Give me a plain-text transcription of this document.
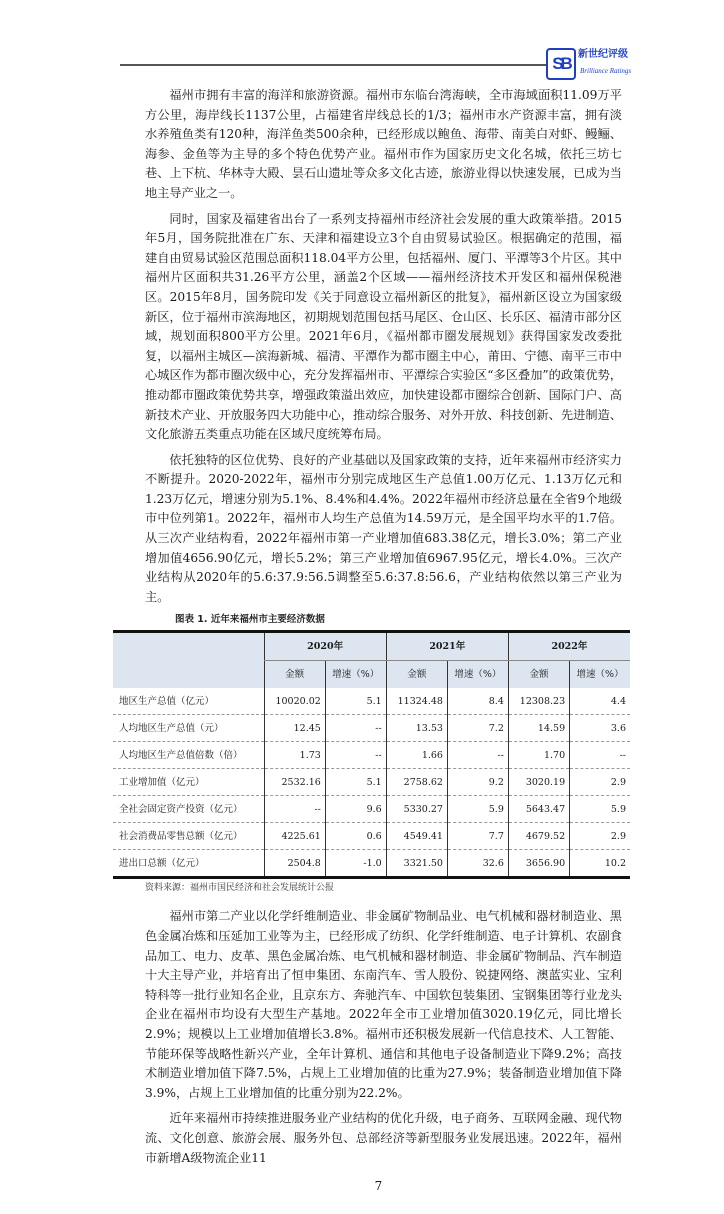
SB 新世纪评级
Brilliance Ratings

福州市拥有丰富的海洋和旅游资源。福州市东临台湾海峡，全市海域面积11.09万平方公里，海岸线长1137公里，占福建省岸线总长的1/3；福州市水产资源丰富，拥有淡水养殖鱼类有120种，海洋鱼类500余种，已经形成以鲍鱼、海带、南美白对虾、鳗鲡、海参、金鱼等为主导的多个特色优势产业。福州市作为国家历史文化名城，依托三坊七巷、上下杭、华林寺大殿、昙石山遗址等众多文化古迹，旅游业得以快速发展，已成为当地主导产业之一。

同时，国家及福建省出台了一系列支持福州市经济社会发展的重大政策举措。2015年5月，国务院批准在广东、天津和福建设立3个自由贸易试验区。根据确定的范围，福建自由贸易试验区范围总面积118.04平方公里，包括福州、厦门、平潭等3个片区。其中福州片区面积共31.26平方公里，涵盖2个区域——福州经济技术开发区和福州保税港区。2015年8月，国务院印发《关于同意设立福州新区的批复》，福州新区设立为国家级新区，位于福州市滨海地区，初期规划范围包括马尾区、仓山区、长乐区、福清市部分区域，规划面积800平方公里。2021年6月，《福州都市圈发展规划》获得国家发改委批复，以福州主城区—滨海新城、福清、平潭作为都市圈主中心，莆田、宁德、南平三市中心城区作为都市圈次级中心，充分发挥福州市、平潭综合实验区“多区叠加”的政策优势，推动都市圈政策优势共享，增强政策溢出效应，加快建设都市圈综合创新、国际门户、高新技术产业、开放服务四大功能中心，推动综合服务、对外开放、科技创新、先进制造、文化旅游五类重点功能在区域尺度统筹布局。

依托独特的区位优势、良好的产业基础以及国家政策的支持，近年来福州市经济实力不断提升。2020-2022年，福州市分别完成地区生产总值1.00万亿元、1.13万亿元和1.23万亿元，增速分别为5.1%、8.4%和4.4%。2022年福州市经济总量在全省9个地级市中位列第1。2022年，福州市人均生产总值为14.59万元，是全国平均水平的1.7倍。从三次产业结构看，2022年福州市第一产业增加值683.38亿元，增长3.0%；第二产业增加值4656.90亿元，增长5.2%；第三产业增加值6967.95亿元，增长4.0%。三次产业结构从2020年的5.6:37.9:56.5调整至5.6:37.8:56.6，产业结构依然以第三产业为主。

图表 1. 近年来福州市主要经济数据
	2020年		2021年		2022年	
	金额	增速（%）	金额	增速（%）	金额	增速（%）
地区生产总值（亿元）	10020.02	5.1	11324.48	8.4	12308.23	4.4
人均地区生产总值（元）	12.45	--	13.53	7.2	14.59	3.6
人均地区生产总值倍数（倍）	1.73	--	1.66	--	1.70	--
工业增加值（亿元）	2532.16	5.1	2758.62	9.2	3020.19	2.9
全社会固定资产投资（亿元）	--	9.6	5330.27	5.9	5643.47	5.9
社会消费品零售总额（亿元）	4225.61	0.6	4549.41	7.7	4679.52	2.9
进出口总额（亿元）	2504.8	-1.0	3321.50	32.6	3656.90	10.2
资料来源：福州市国民经济和社会发展统计公报

福州市第二产业以化学纤维制造业、非金属矿物制品业、电气机械和器材制造业、黑色金属冶炼和压延加工业等为主，已经形成了纺织、化学纤维制造、电子计算机、农副食品加工、电力、皮革、黑色金属冶炼、电气机械和器材制造、非金属矿物制品、汽车制造十大主导产业，并培育出了恒申集团、东南汽车、雪人股份、锐捷网络、澳蓝实业、宝利特科等一批行业知名企业，且京东方、奔驰汽车、中国软包装集团、宝钢集团等行业龙头企业在福州市均设有大型生产基地。2022年全市工业增加值3020.19亿元，同比增长2.9%；规模以上工业增加值增长3.8%。福州市还积极发展新一代信息技术、人工智能、节能环保等战略性新兴产业，全年计算机、通信和其他电子设备制造业下降9.2%；高技术制造业增加值下降7.5%，占规上工业增加值的比重为27.9%；装备制造业增加值下降3.9%，占规上工业增加值的比重分别为22.2%。

近年来福州市持续推进服务业产业结构的优化升级，电子商务、互联网金融、现代物流、文化创意、旅游会展、服务外包、总部经济等新型服务业发展迅速。2022年，福州市新增A级物流企业11

7
